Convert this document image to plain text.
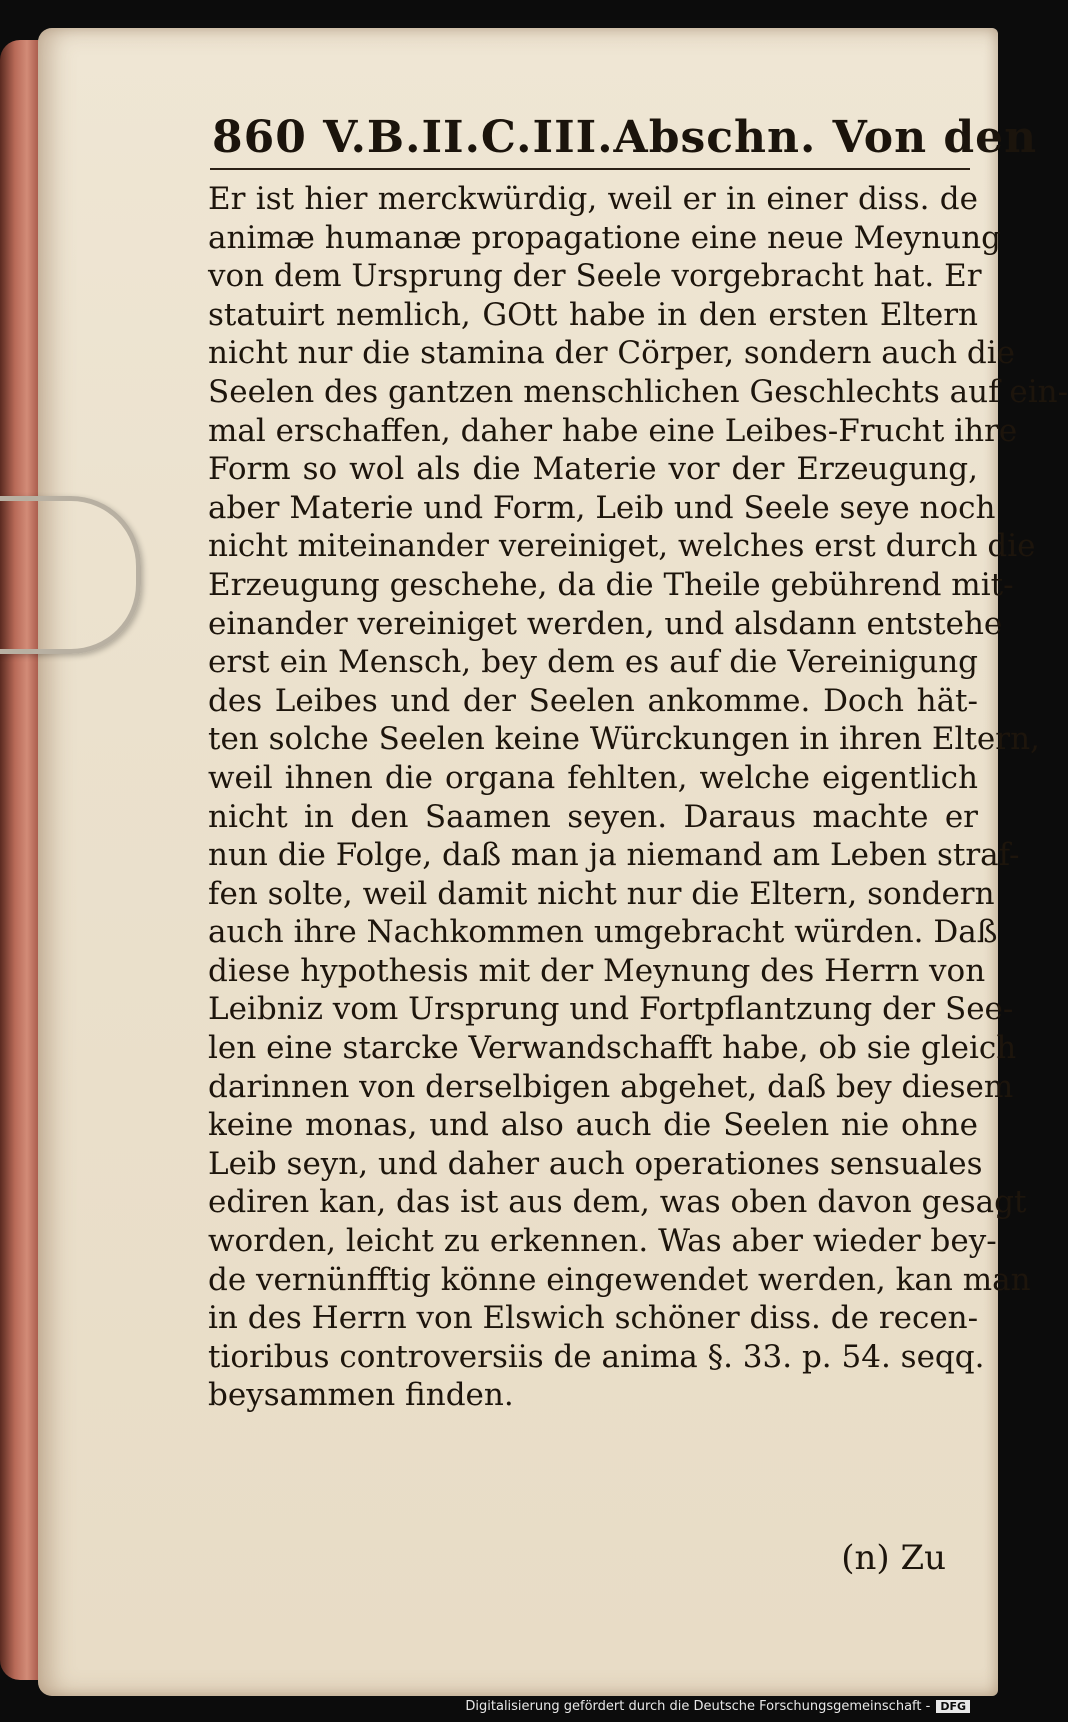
860 V.B.II.C.III.Abschn. Von den
Er ist hier merckwürdig, weil er in einer diss. de
animæ humanæ propagatione eine neue Meynung
von dem Ursprung der Seele vorgebracht hat. Er
statuirt nemlich, GOtt habe in den ersten Eltern
nicht nur die stamina der Cörper, sondern auch die
Seelen des gantzen menschlichen Geschlechts auf ein-
mal erschaffen, daher habe eine Leibes-Frucht ihre
Form so wol als die Materie vor der Erzeugung,
aber Materie und Form, Leib und Seele seye noch
nicht miteinander vereiniget, welches erst durch die
Erzeugung geschehe, da die Theile gebührend mit-
einander vereiniget werden, und alsdann entstehe
erst ein Mensch, bey dem es auf die Vereinigung
des Leibes und der Seelen ankomme. Doch hät-
ten solche Seelen keine Würckungen in ihren Eltern,
weil ihnen die organa fehlten, welche eigentlich
nicht in den Saamen seyen. Daraus machte er
nun die Folge, daß man ja niemand am Leben straf-
fen solte, weil damit nicht nur die Eltern, sondern
auch ihre Nachkommen umgebracht würden. Daß
diese hypothesis mit der Meynung des Herrn von
Leibniz vom Ursprung und Fortpflantzung der See-
len eine starcke Verwandschafft habe, ob sie gleich
darinnen von derselbigen abgehet, daß bey diesem
keine monas, und also auch die Seelen nie ohne
Leib seyn, und daher auch operationes sensuales
ediren kan, das ist aus dem, was oben davon gesagt
worden, leicht zu erkennen. Was aber wieder bey-
de vernünfftig könne eingewendet werden, kan man
in des Herrn von Elswich schöner diss. de recen-
tioribus controversiis de anima §. 33. p. 54. seqq.
beysammen finden.
(n) Zu
Digitalisierung gefördert durch die Deutsche Forschungsgemeinschaft - DFG
